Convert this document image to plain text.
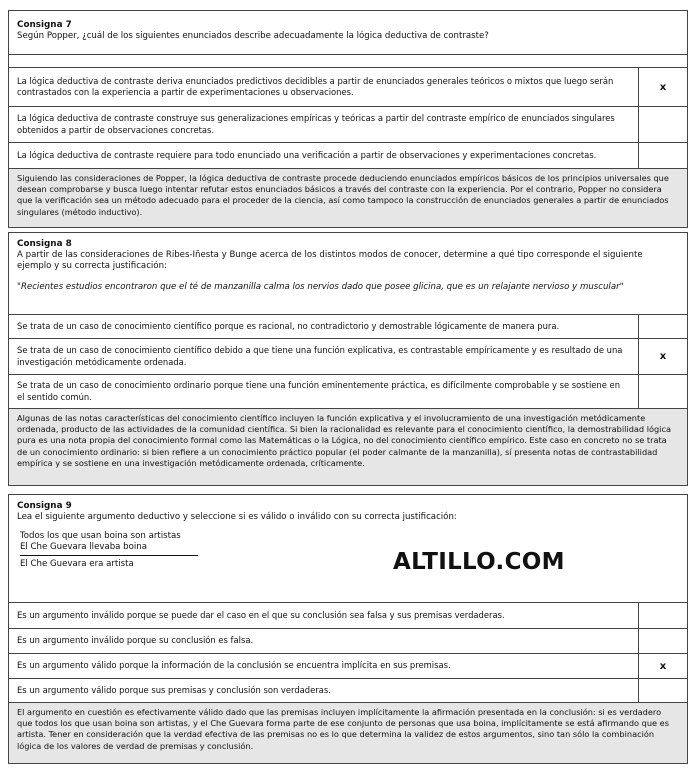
Consigna 7
Según Popper, ¿cuál de los siguientes enunciados describe adecuadamente la lógica deductiva de contraste?
La lógica deductiva de contraste deriva enunciados predictivos decidibles a partir de enunciados generales teóricos o mixtos que luego serán contrastados con la experiencia a partir de experimentaciones u observaciones.	x
La lógica deductiva de contraste construye sus generalizaciones empíricas y teóricas a partir del contraste empírico de enunciados singulares obtenidos a partir de observaciones concretas.
La lógica deductiva de contraste requiere para todo enunciado una verificación a partir de observaciones y experimentaciones concretas.
Siguiendo las consideraciones de Popper, la lógica deductiva de contraste procede deduciendo enunciados empíricos básicos de los principios universales que desean comprobarse y busca luego intentar refutar estos enunciados básicos a través del contraste con la experiencia. Por el contrario, Popper no considera que la verificación sea un método adecuado para el proceder de la ciencia, así como tampoco la construcción de enunciados generales a partir de enunciados singulares (método inductivo).
Consigna 8
A partir de las consideraciones de Ribes-Iñesta y Bunge acerca de los distintos modos de conocer, determine a qué tipo corresponde el siguiente ejemplo y su correcta justificación:
"Recientes estudios encontraron que el té de manzanilla calma los nervios dado que posee glicina, que es un relajante nervioso y muscular"
Se trata de un caso de conocimiento científico porque es racional, no contradictorio y demostrable lógicamente de manera pura.
Se trata de un caso de conocimiento científico debido a que tiene una función explicativa, es contrastable empíricamente y es resultado de una investigación metódicamente ordenada.	x
Se trata de un caso de conocimiento ordinario porque tiene una función eminentemente práctica, es difícilmente comprobable y se sostiene en el sentido común.
Algunas de las notas características del conocimiento científico incluyen la función explicativa y el involucramiento de una investigación metódicamente ordenada, producto de las actividades de la comunidad científica. Si bien la racionalidad es relevante para el conocimiento científico, la demostrabilidad lógica pura es una nota propia del conocimiento formal como las Matemáticas o la Lógica, no del conocimiento científico empírico. Este caso en concreto no se trata de un conocimiento ordinario: si bien refiere a un conocimiento práctico popular (el poder calmante de la manzanilla), sí presenta notas de contrastabilidad empírica y se sostiene en una investigación metódicamente ordenada, críticamente.
Consigna 9
Lea el siguiente argumento deductivo y seleccione si es válido o inválido con su correcta justificación:
Todos los que usan boina son artistas
El Che Guevara llevaba boina
El Che Guevara era artista
Es un argumento inválido porque se puede dar el caso en el que su conclusión sea falsa y sus premisas verdaderas.
Es un argumento inválido porque su conclusión es falsa.
Es un argumento válido porque la información de la conclusión se encuentra implícita en sus premisas.	x
Es un argumento válido porque sus premisas y conclusión son verdaderas.
El argumento en cuestión es efectivamente válido dado que las premisas incluyen implícitamente la afirmación presentada en la conclusión: si es verdadero que todos los que usan boina son artistas, y el Che Guevara forma parte de ese conjunto de personas que usa boina, implícitamente se está afirmando que es artista. Tener en consideración que la verdad efectiva de las premisas no es lo que determina la validez de estos argumentos, sino tan sólo la combinación lógica de los valores de verdad de premisas y conclusión.
ALTILLO.COM
